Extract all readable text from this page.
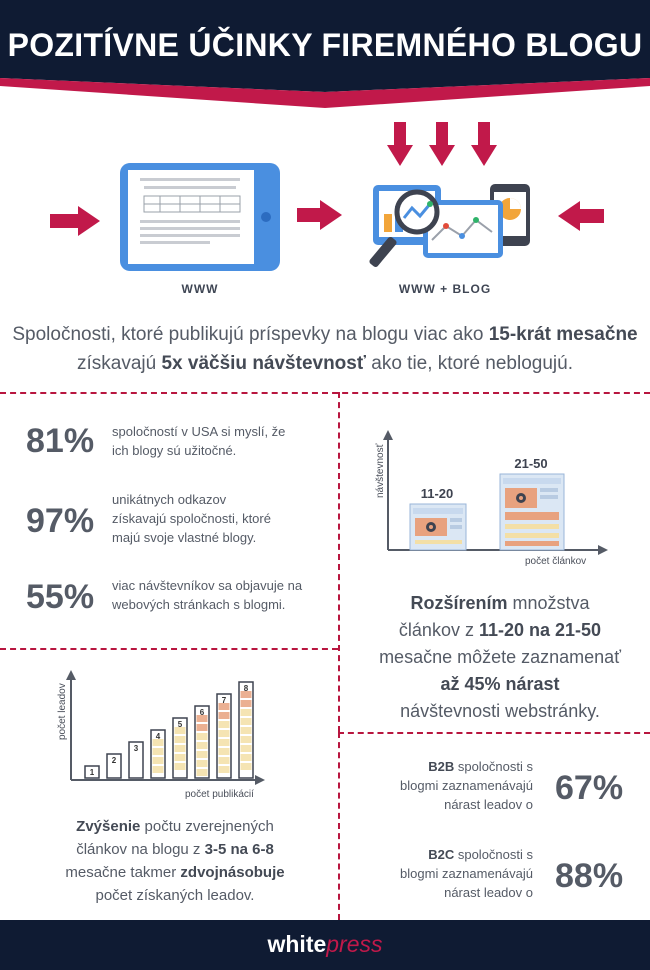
POZITÍVNE ÚČINKY FIREMNÉHO BLOGU
WWW	WWW + BLOG
Spoločnosti, ktoré publikujú príspevky na blogu viac ako 15-krát mesačne
získavajú 5x väčšiu návštevnosť ako tie, ktoré neblogujú.
81% spoločností v USA si myslí, že
ich blogy sú užitočné.
97%
unikátnych odkazov
získavajú spoločnosti, ktoré
majú svoje vlastné blogy.
55% viac návštevníkov sa objavuje na
webových stránkach s blogmi.
návštevnosť
počet článkov
11-20
21-50
Rozšírením množstva
článkov z 11-20 na 21-50
mesačne môžete zaznamenať
až 45% nárast
návštevnosti webstránky.
počet leadov
počet publikácií
1
2
3
4
5
6
7
8
Zvýšenie počtu zverejnených
článkov na blogu z 3-5 na 6-8
mesačne takmer zdvojnásobuje
počet získaných leadov.
B2B spoločnosti s
blogmi zaznamenávajú
nárast leadov o 67%
B2C spoločnosti s
blogmi zaznamenávajú
nárast leadov o 88%
whitepress
